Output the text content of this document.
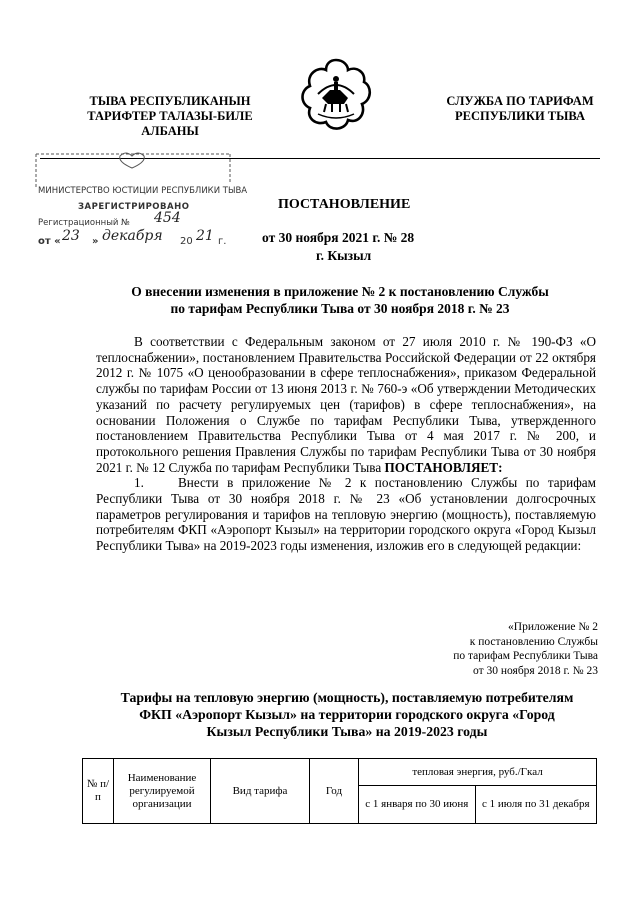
ТЫВА РЕСПУБЛИКАНЫН
ТАРИФТЕР ТАЛАЗЫ-БИЛЕ
АЛБАНЫ
СЛУЖБА ПО ТАРИФАМ
РЕСПУБЛИКИ ТЫВА
МИНИСТЕРСТВО ЮСТИЦИИ РЕСПУБЛИКИ ТЫВА
ЗАРЕГИСТРИРОВАНО
Регистрационный № 454
от « 23 » декабря 20 21 г.
ПОСТАНОВЛЕНИЕ
от 30 ноября 2021 г. № 28
г. Кызыл
О внесении изменения в приложение № 2 к постановлению Службы
по тарифам Республики Тыва от 30 ноября 2018 г. № 23

В соответствии с Федеральным законом от 27 июля 2010 г. № 190-ФЗ «О теплоснабжении», постановлением Правительства Российской Федерации от 22 октября 2012 г. № 1075 «О ценообразовании в сфере теплоснабжения», приказом Федеральной службы по тарифам России от 13 июня 2013 г. № 760-э «Об утверждении Методических указаний по расчету регулируемых цен (тарифов) в сфере теплоснабжения», на основании Положения о Службе по тарифам Республики Тыва, утвержденного постановлением Правительства Республики Тыва от 4 мая 2017 г. № 200, и протокольного решения Правления Службы по тарифам Республики Тыва от 30 ноября 2021 г. № 12 Служба по тарифам Республики Тыва ПОСТАНОВЛЯЕТ:

1.	Внести в приложение № 2 к постановлению Службы по тарифам Республики Тыва от 30 ноября 2018 г. № 23 «Об установлении долгосрочных параметров регулирования и тарифов на тепловую энергию (мощность), поставляемую потребителям ФКП «Аэропорт Кызыл» на территории городского округа «Город Кызыл Республики Тыва» на 2019-2023 годы изменения, изложив его в следующей редакции:

«Приложение № 2
к постановлению Службы
по тарифам Республики Тыва
от 30 ноября 2018 г. № 23
Тарифы на тепловую энергию (мощность), поставляемую потребителям
ФКП «Аэропорт Кызыл» на территории городского округа «Город
Кызыл Республики Тыва» на 2019-2023 годы
№ п/п	Наименование регулируемой организации	Вид тарифа	Год	тепловая энергия, руб./Гкал	
				с 1 января по 30 июня	с 1 июля по 31 декабря
